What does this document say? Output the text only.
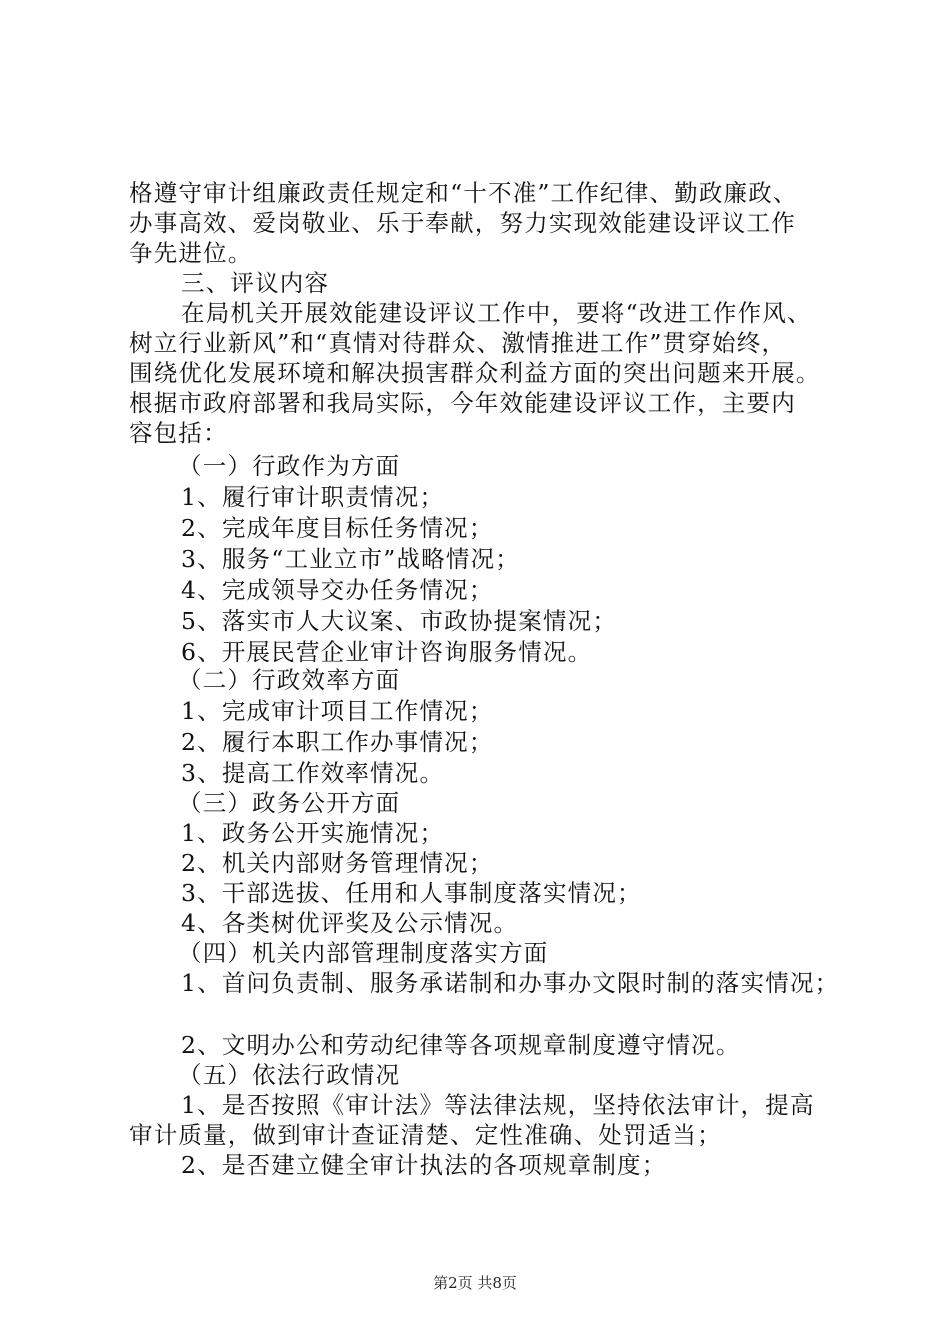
格遵守审计组廉政责任规定和“十不准”工作纪律、勤政廉政、
办事高效、爱岗敬业、乐于奉献，努力实现效能建设评议工作
争先进位。
三、评议内容
在局机关开展效能建设评议工作中，要将“改进工作作风、
树立行业新风”和“真情对待群众、激情推进工作”贯穿始终，
围绕优化发展环境和解决损害群众利益方面的突出问题来开展。
根据市政府部署和我局实际，今年效能建设评议工作，主要内
容包括：
（一）行政作为方面
1、履行审计职责情况；
2、完成年度目标任务情况；
3、服务“工业立市”战略情况；
4、完成领导交办任务情况；
5、落实市人大议案、市政协提案情况；
6、开展民营企业审计咨询服务情况。
（二）行政效率方面
1、完成审计项目工作情况；
2、履行本职工作办事情况；
3、提高工作效率情况。
（三）政务公开方面
1、政务公开实施情况；
2、机关内部财务管理情况；
3、干部选拔、任用和人事制度落实情况；
4、各类树优评奖及公示情况。
（四）机关内部管理制度落实方面
1、首问负责制、服务承诺制和办事办文限时制的落实情况；
2、文明办公和劳动纪律等各项规章制度遵守情况。
（五）依法行政情况
1、是否按照《审计法》等法律法规，坚持依法审计，提高
审计质量，做到审计查证清楚、定性准确、处罚适当；
2、是否建立健全审计执法的各项规章制度；
第2页 共8页
